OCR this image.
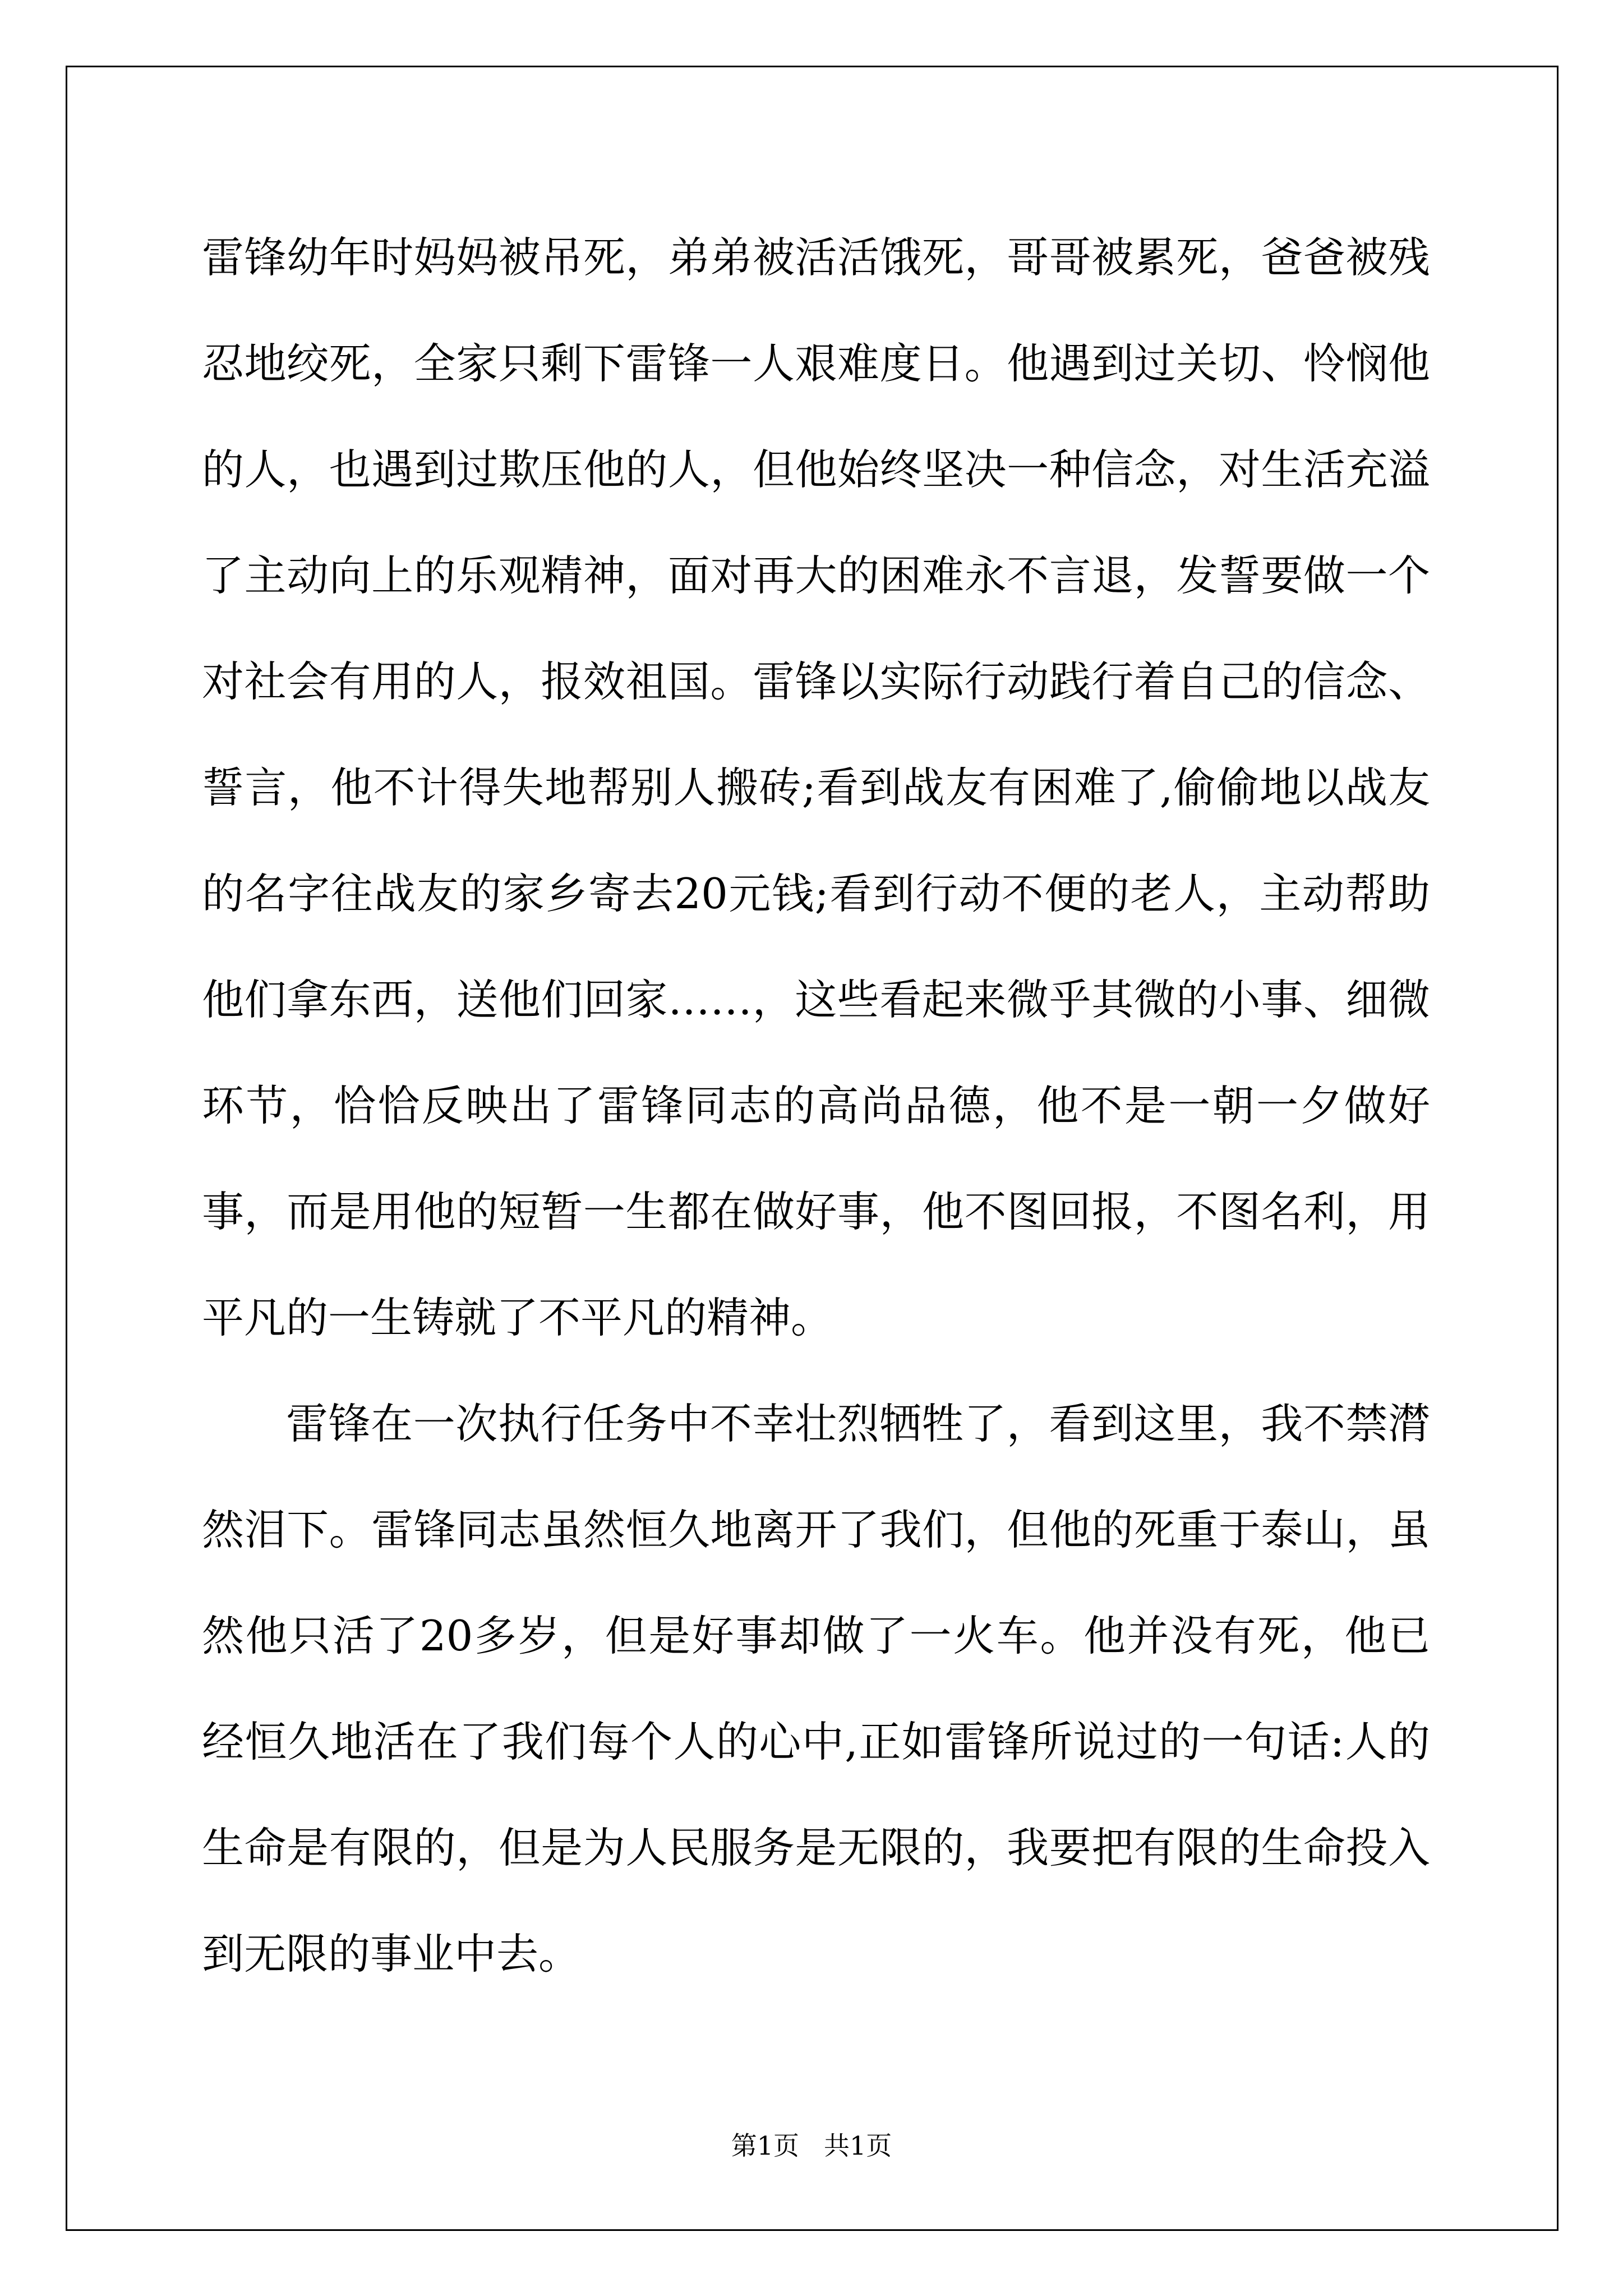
雷锋幼年时妈妈被吊死，弟弟被活活饿死，哥哥被累死，爸爸被残忍地绞死，全家只剩下雷锋一人艰难度日。他遇到过关切、怜悯他的人，也遇到过欺压他的人，但他始终坚决一种信念，对生活充溢了主动向上的乐观精神，面对再大的困难永不言退，发誓要做一个对社会有用的人，报效祖国。雷锋以实际行动践行着自己的信念、誓言，他不计得失地帮别人搬砖;看到战友有困难了,偷偷地以战友的名字往战友的家乡寄去20元钱;看到行动不便的老人，主动帮助他们拿东西，送他们回家……，这些看起来微乎其微的小事、细微环节，恰恰反映出了雷锋同志的高尚品德，他不是一朝一夕做好事，而是用他的短暂一生都在做好事，他不图回报，不图名利，用平凡的一生铸就了不平凡的精神。

雷锋在一次执行任务中不幸壮烈牺牲了，看到这里，我不禁潸然泪下。雷锋同志虽然恒久地离开了我们，但他的死重于泰山，虽然他只活了20多岁，但是好事却做了一火车。他并没有死，他已经恒久地活在了我们每个人的心中,正如雷锋所说过的一句话:人的生命是有限的，但是为人民服务是无限的，我要把有限的生命投入到无限的事业中去。

第1页 共1页
